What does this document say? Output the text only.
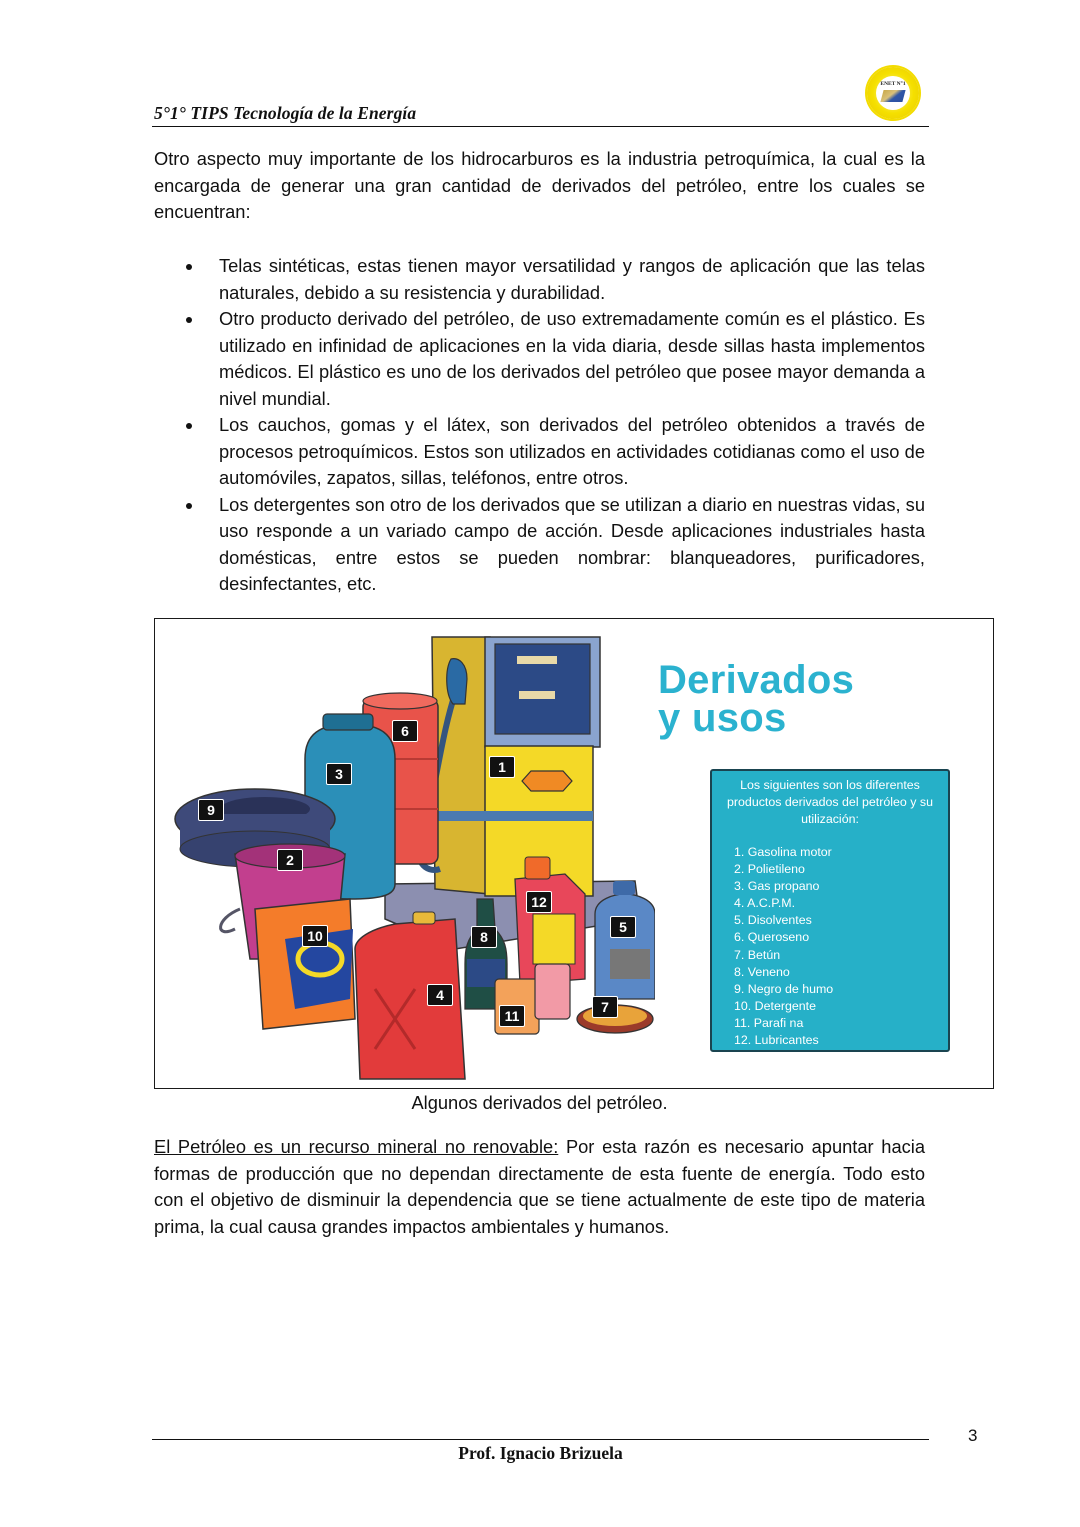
5°1° TIPS Tecnología de la Energía
ENET N°1

Otro aspecto muy importante de los hidrocarburos es la industria petroquímica, la cual es la encargada de generar una gran cantidad de derivados del petróleo, entre los cuales se encuentran:

Telas sintéticas, estas tienen mayor versatilidad y rangos de aplicación que las telas naturales, debido a su resistencia y durabilidad.
Otro producto derivado del petróleo, de uso extremadamente común es el plástico. Es utilizado en infinidad de aplicaciones en la vida diaria, desde sillas hasta implementos médicos. El plástico es uno de los derivados del petróleo que posee mayor demanda a nivel mundial.
Los cauchos, gomas y el látex, son derivados del petróleo obtenidos a través de procesos petroquímicos. Estos son utilizados en actividades cotidianas como el uso de automóviles, zapatos, sillas, teléfonos, entre otros.
Los detergentes son otro de los derivados que se utilizan a diario en nuestras vidas, su uso responde a un variado campo de acción. Desde aplicaciones industriales hasta domésticas, entre estos se pueden nombrar: blanqueadores, purificadores, desinfectantes, etc.
1
2
3
4
5
6
7
8
9
10
11
12
Derivados
y usos
Los siguientes son los diferentes productos derivados del petróleo y su utilización:
1. Gasolina motor
2. Polietileno
3. Gas propano
4. A.C.P.M.
5. Disolventes
6. Queroseno
7. Betún
8. Veneno
9. Negro de humo
10. Detergente
11. Parafi na
12. Lubricantes
Algunos derivados del petróleo.

El Petróleo es un recurso mineral no renovable: Por esta razón es necesario apuntar hacia formas de producción que no dependan directamente de esta fuente de energía. Todo esto con el objetivo de disminuir la dependencia que se tiene actualmente de este tipo de materia prima, la cual causa grandes impactos ambientales y humanos.

Prof. Ignacio Brizuela
3
